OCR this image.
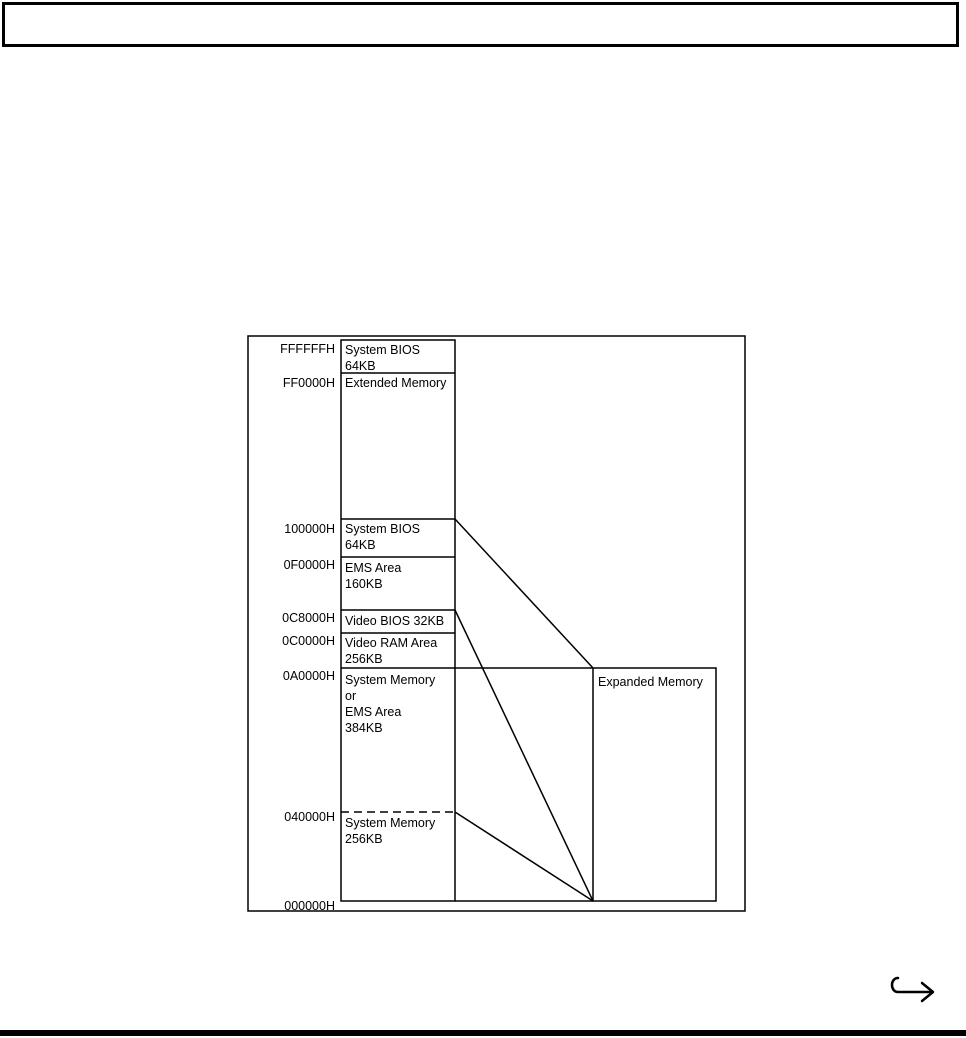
FFFFFFH
FF0000H
100000H
0F0000H
0C8000H
0C0000H
0A0000H
040000H
000000H
System BIOS 64KB
Extended Memory
System BIOS 64KB
EMS Area 160KB
Video BIOS 32KB
Video RAM Area 256KB
System Memory or EMS Area 384KB
System Memory 256KB
Expanded Memory
